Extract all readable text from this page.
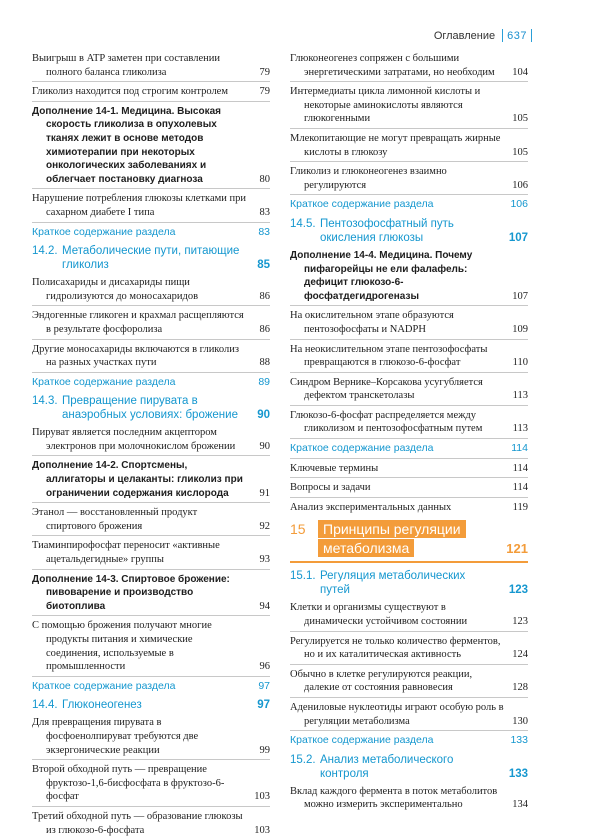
Оглавление 637
Выигрыш в ATP заметен при составлении полного баланса гликолиза	79
Гликолиз находится под строгим контролем	79
Дополнение 14-1. Медицина. Высокая скорость гликолиза в опухолевых тканях лежит в основе методов химиотерапии при некоторых онкологических заболеваниях и облегчает постановку диагноза	80
Нарушение потребления глюкозы клетками при сахарном диабете I типа	83
Краткое содержание раздела	83
14.2. Метаболические пути, питающие гликолиз	85
Полисахариды и дисахариды пищи гидролизуются до моносахаридов	86
Эндогенные гликоген и крахмал расщепляются в результате фосфоролиза	86
Другие моносахариды включаются в гликолиз на разных участках пути	88
Краткое содержание раздела	89
14.3. Превращение пирувата в анаэробных условиях: брожение 90
Пируват является последним акцептором электронов при молочнокислом брожении	90
Дополнение 14-2. Спортсмены, аллигаторы и целаканты: гликолиз при ограничении содержания кислорода	91
Этанол — восстановленный продукт спиртового брожения	92
Тиаминпирофосфат переносит «активные ацетальдегидные» группы	93
Дополнение 14-3. Спиртовое брожение: пивоварение и производство биотоплива	94
С помощью брожения получают многие продукты питания и химические соединения, используемые в промышленности	96
Краткое содержание раздела	97
14.4. Глюконеогенез	97
Для превращения пирувата в фосфоенолпируват требуются две экзергонические реакции	99
Второй обходной путь — превращение фруктозо-1,6-бисфосфата в фруктозо-6-фосфат	103
Третий обходной путь — образование глюкозы из глюкозо-6-фосфата	103
Глюконеогенез сопряжен с большими энергетическими затратами, но необходим	104
Интермедиаты цикла лимонной кислоты и некоторые аминокислоты являются глюкогенными	105
Млекопитающие не могут превращать жирные кислоты в глюкозу	105
Гликолиз и глюконеогенез взаимно регулируются	106
Краткое содержание раздела	106
14.5. Пентозофосфатный путь окисления глюкозы	107
Дополнение 14-4. Медицина. Почему пифагорейцы не ели фалафель: дефицит глюкозо-6-фосфатдегидрогеназы	107
На окислительном этапе образуются пентозофосфаты и NADPH	109
На неокислительном этапе пентозофосфаты превращаются в глюкозо-6-фосфат	110
Синдром Вернике–Корсакова усугубляется дефектом транскетолазы	113
Глюкозо-6-фосфат распределяется между гликолизом и пентозофосфатным путем	113
Краткое содержание раздела	114
Ключевые термины	114
Вопросы и задачи	114
Анализ экспериментальных данных	119
15	Принципы регуляции метаболизма	121
15.1. Регуляция метаболических путей	123
Клетки и организмы существуют в динамически устойчивом состоянии	123
Регулируется не только количество ферментов, но и их каталитическая активность	124
Обычно в клетке регулируются реакции, далекие от состояния равновесия	128
Адениловые нуклеотиды играют особую роль в регуляции метаболизма	130
Краткое содержание раздела	133
15.2. Анализ метаболического контроля	133
Вклад каждого фермента в поток метаболитов можно измерить экспериментально	134
